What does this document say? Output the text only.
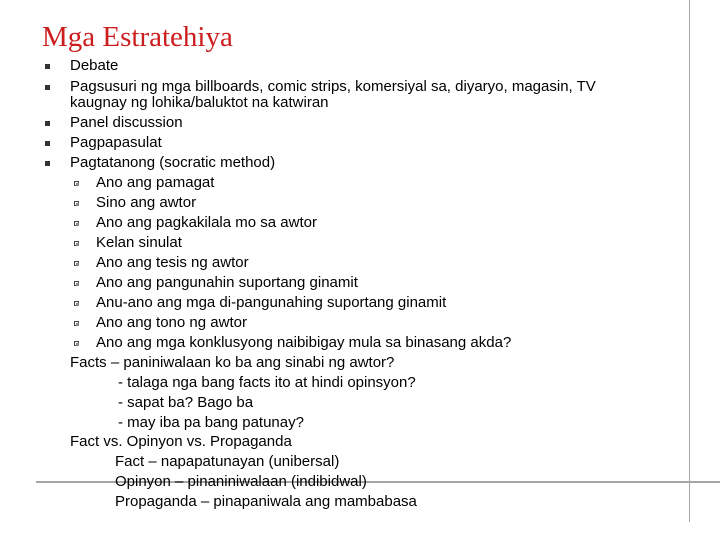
Mga Estratehiya
Debate
Pagsusuri ng mga billboards, comic strips, komersiyal sa, diyaryo, magasin, TV
kaugnay ng lohika/baluktot na katwiran
Panel discussion
Pagpapasulat
Pagtatanong (socratic method)
Ano ang pamagat
Sino ang awtor
Ano ang pagkakilala mo sa awtor
Kelan sinulat
Ano ang tesis ng awtor
Ano ang pangunahin suportang ginamit
Anu-ano ang mga di-pangunahing suportang ginamit
Ano ang tono ng awtor
Ano ang mga konklusyong naibibigay mula sa binasang akda?
Facts – paniniwalaan ko ba ang sinabi ng awtor?
- talaga nga bang facts ito at hindi opinsyon?
- sapat ba? Bago ba
- may iba pa bang patunay?
Fact vs. Opinyon vs. Propaganda
Fact – napapatunayan (unibersal)
Opinyon – pinaniniwalaan (indibidwal)
Propaganda – pinapaniwala ang mambabasa
